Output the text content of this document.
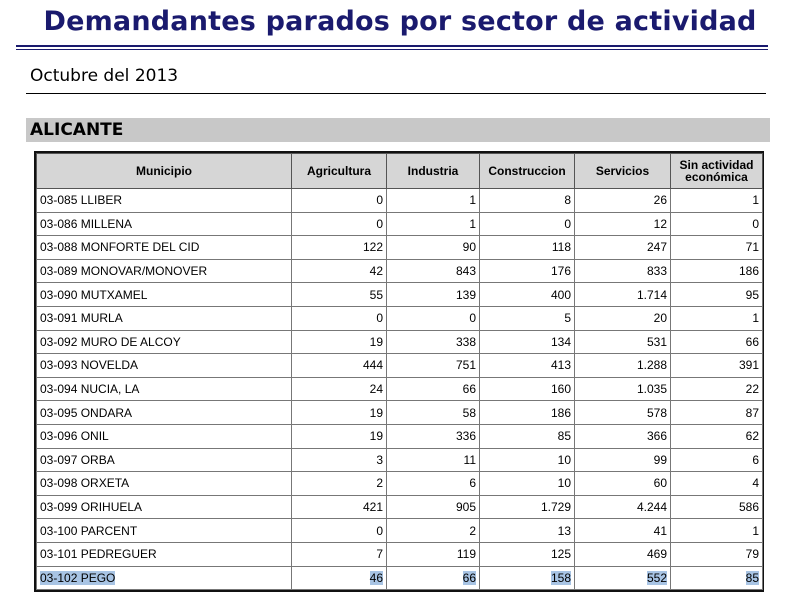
Demandantes parados por sector de actividad
Octubre del 2013
ALICANTE
Municipio	Agricultura	Industria	Construccion	Servicios	Sin actividad económica
03-085 LLIBER	0	1	8	26	1
03-086 MILLENA	0	1	0	12	0
03-088 MONFORTE DEL CID	122	90	118	247	71
03-089 MONOVAR/MONOVER	42	843	176	833	186
03-090 MUTXAMEL	55	139	400	1.714	95
03-091 MURLA	0	0	5	20	1
03-092 MURO DE ALCOY	19	338	134	531	66
03-093 NOVELDA	444	751	413	1.288	391
03-094 NUCIA, LA	24	66	160	1.035	22
03-095 ONDARA	19	58	186	578	87
03-096 ONIL	19	336	85	366	62
03-097 ORBA	3	11	10	99	6
03-098 ORXETA	2	6	10	60	4
03-099 ORIHUELA	421	905	1.729	4.244	586
03-100 PARCENT	0	2	13	41	1
03-101 PEDREGUER	7	119	125	469	79
03-102 PEGO	46	66	158	552	85
